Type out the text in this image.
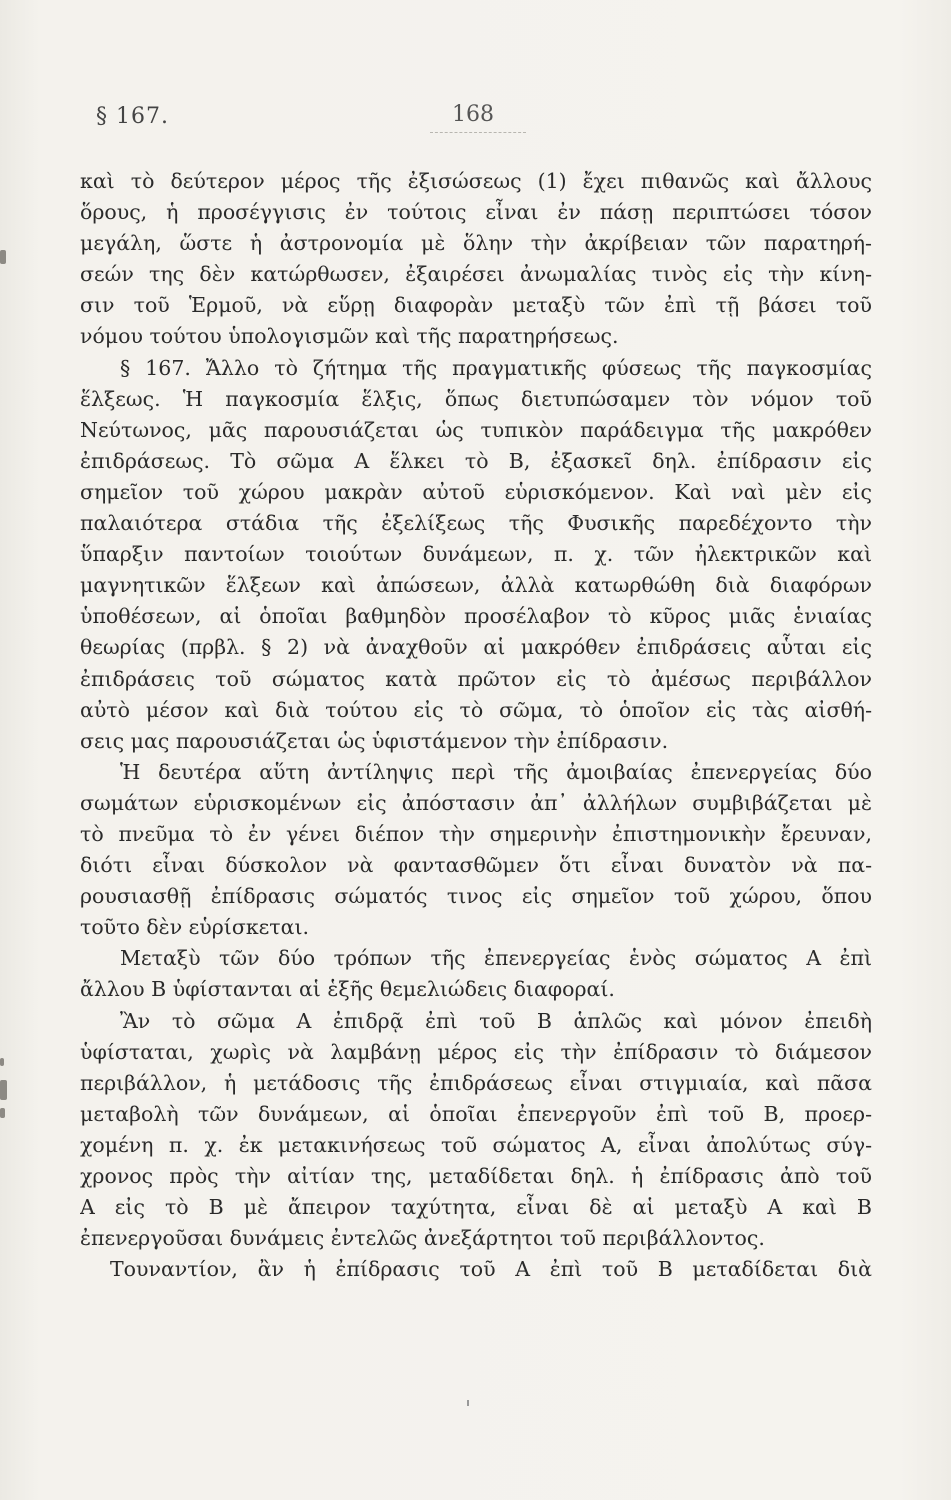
§ 167.	168
καὶ τὸ δεύτερον μέρος τῆς ἐξισώσεως (1) ἔχει πιθανῶς καὶ ἄλλους
ὅρους, ἡ προσέγγισις ἐν τούτοις εἶναι ἐν πάσῃ περιπτώσει τόσον
μεγάλη, ὥστε ἡ ἀστρονομία μὲ ὅλην τὴν ἀκρίβειαν τῶν παρατηρή-
σεών της δὲν κατώρθωσεν, ἐξαιρέσει ἀνωμαλίας τινὸς εἰς τὴν κίνη-
σιν τοῦ Ἑρμοῦ, νὰ εὕρῃ διαφορὰν μεταξὺ τῶν ἐπὶ τῇ βάσει τοῦ
νόμου τούτου ὑπολογισμῶν καὶ τῆς παρατηρήσεως.
§ 167. Ἄλλο τὸ ζήτημα τῆς πραγματικῆς φύσεως τῆς παγκοσμίας
ἕλξεως. Ἡ παγκοσμία ἕλξις, ὅπως διετυπώσαμεν τὸν νόμον τοῦ
Νεύτωνος, μᾶς παρουσιάζεται ὡς τυπικὸν παράδειγμα τῆς μακρόθεν
ἐπιδράσεως. Τὸ σῶμα Α ἕλκει τὸ Β, ἐξασκεῖ δηλ. ἐπίδρασιν εἰς
σημεῖον τοῦ χώρου μακρὰν αὐτοῦ εὑρισκόμενον. Καὶ ναὶ μὲν εἰς
παλαιότερα στάδια τῆς ἐξελίξεως τῆς Φυσικῆς παρεδέχοντο τὴν
ὕπαρξιν παντοίων τοιούτων δυνάμεων, π. χ. τῶν ἠλεκτρικῶν καὶ
μαγνητικῶν ἕλξεων καὶ ἀπώσεων, ἀλλὰ κατωρθώθη διὰ διαφόρων
ὑποθέσεων, αἱ ὁποῖαι βαθμηδὸν προσέλαβον τὸ κῦρος μιᾶς ἑνιαίας
θεωρίας (πρβλ. § 2) νὰ ἀναχθοῦν αἱ μακρόθεν ἐπιδράσεις αὗται εἰς
ἐπιδράσεις τοῦ σώματος κατὰ πρῶτον εἰς τὸ ἀμέσως περιβάλλον
αὐτὸ μέσον καὶ διὰ τούτου εἰς τὸ σῶμα, τὸ ὁποῖον εἰς τὰς αἰσθή-
σεις μας παρουσιάζεται ὡς ὑφιστάμενον τὴν ἐπίδρασιν.
Ἡ δευτέρα αὕτη ἀντίληψις περὶ τῆς ἀμοιβαίας ἐπενεργείας δύο
σωμάτων εὑρισκομένων εἰς ἀπόστασιν ἀπ᾽ ἀλλήλων συμβιβάζεται μὲ
τὸ πνεῦμα τὸ ἐν γένει διέπον τὴν σημερινὴν ἐπιστημονικὴν ἔρευναν,
διότι εἶναι δύσκολον νὰ φαντασθῶμεν ὅτι εἶναι δυνατὸν νὰ πα-
ρουσιασθῇ ἐπίδρασις σώματός τινος εἰς σημεῖον τοῦ χώρου, ὅπου
τοῦτο δὲν εὑρίσκεται.
Μεταξὺ τῶν δύο τρόπων τῆς ἐπενεργείας ἑνὸς σώματος Α ἐπὶ
ἄλλου Β ὑφίστανται αἱ ἑξῆς θεμελιώδεις διαφοραί.
Ἂν τὸ σῶμα Α ἐπιδρᾷ ἐπὶ τοῦ Β ἁπλῶς καὶ μόνον ἐπειδὴ
ὑφίσταται, χωρὶς νὰ λαμβάνῃ μέρος εἰς τὴν ἐπίδρασιν τὸ διάμεσον
περιβάλλον, ἡ μετάδοσις τῆς ἐπιδράσεως εἶναι στιγμιαία, καὶ πᾶσα
μεταβολὴ τῶν δυνάμεων, αἱ ὁποῖαι ἐπενεργοῦν ἐπὶ τοῦ Β, προερ-
χομένη π. χ. ἐκ μετακινήσεως τοῦ σώματος Α, εἶναι ἀπολύτως σύγ-
χρονος πρὸς τὴν αἰτίαν της, μεταδίδεται δηλ. ἡ ἐπίδρασις ἀπὸ τοῦ
Α εἰς τὸ Β μὲ ἄπειρον ταχύτητα, εἶναι δὲ αἱ μεταξὺ Α καὶ Β
ἐπενεργοῦσαι δυνάμεις ἐντελῶς ἀνεξάρτητοι τοῦ περιβάλλοντος.
Τουναντίον, ἂν ἡ ἐπίδρασις τοῦ Α ἐπὶ τοῦ Β μεταδίδεται διὰ
